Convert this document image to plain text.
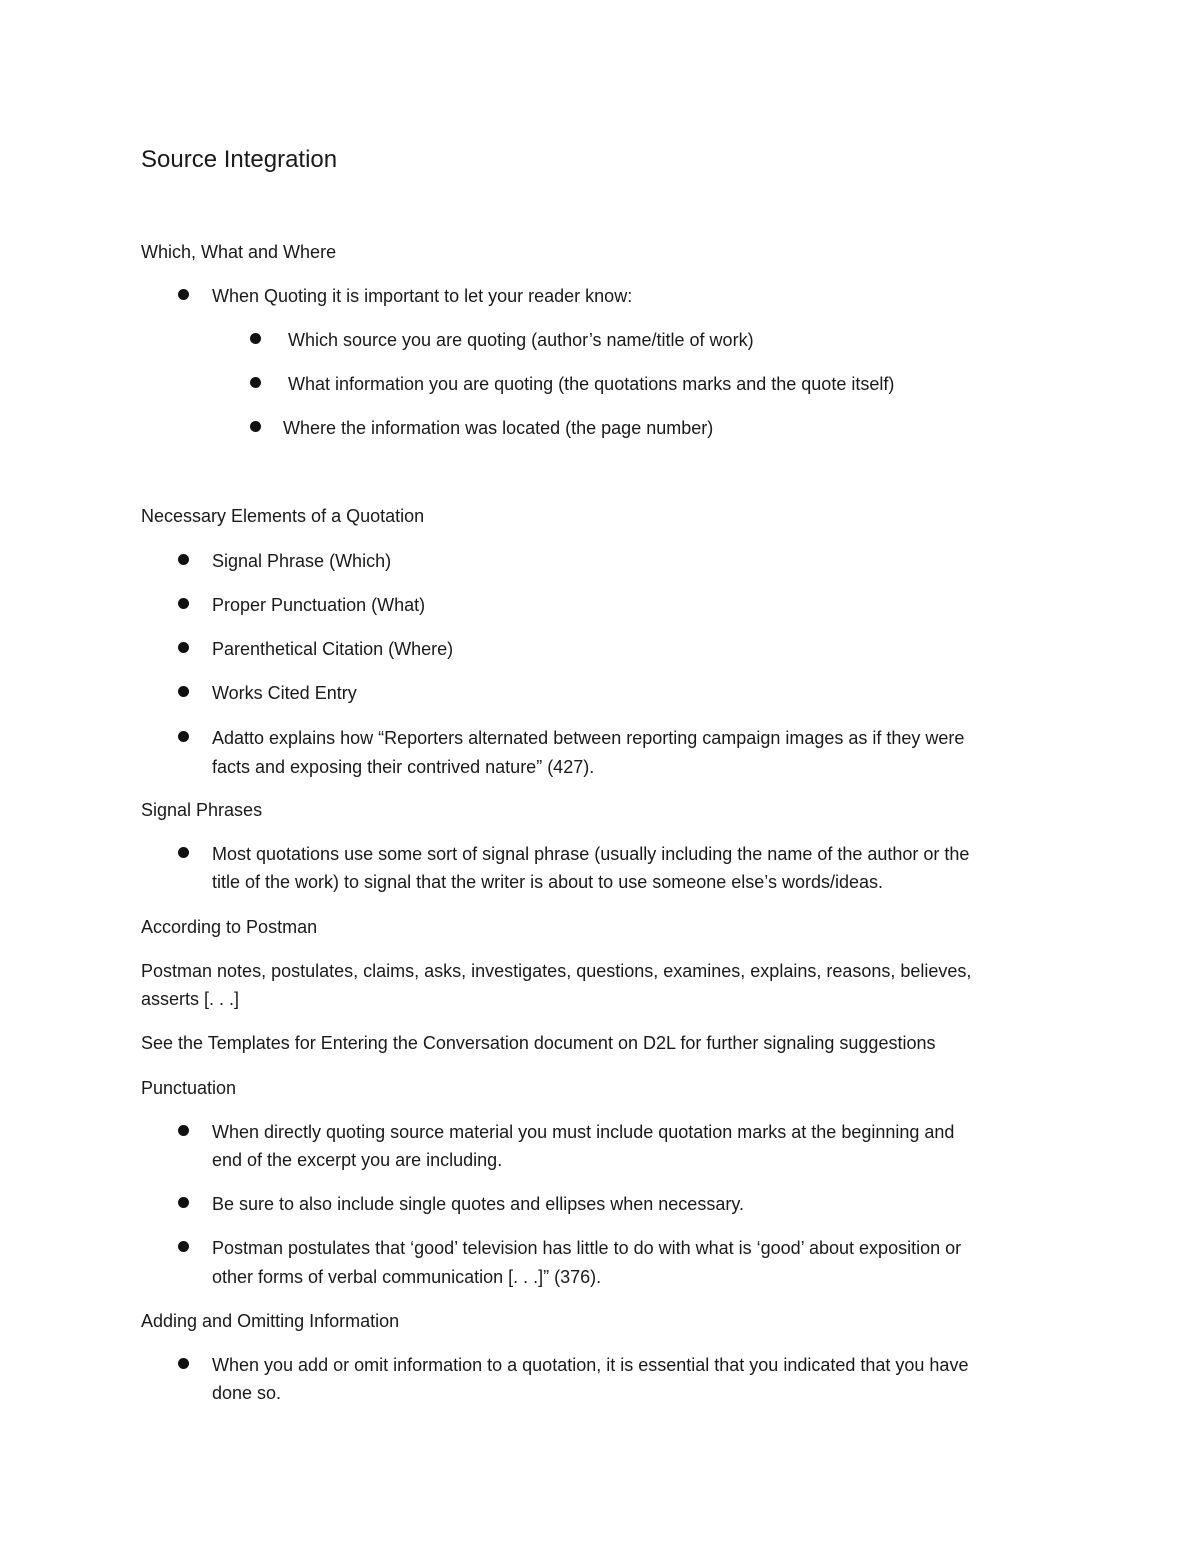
Source Integration
Which, What and Where
When Quoting it is important to let your reader know:
Which source you are quoting (author’s name/title of work)
What information you are quoting (the quotations marks and the quote itself)
Where the information was located (the page number)
Necessary Elements of a Quotation
Signal Phrase (Which)
Proper Punctuation (What)
Parenthetical Citation (Where)
Works Cited Entry
Adatto explains how “Reporters alternated between reporting campaign images as if they were
facts and exposing their contrived nature” (427).
Signal Phrases
Most quotations use some sort of signal phrase (usually including the name of the author or the
title of the work) to signal that the writer is about to use someone else’s words/ideas.
According to Postman
Postman notes, postulates, claims, asks, investigates, questions, examines, explains, reasons, believes,
asserts [. . .]
See the Templates for Entering the Conversation document on D2L for further signaling suggestions
Punctuation
When directly quoting source material you must include quotation marks at the beginning and
end of the excerpt you are including.
Be sure to also include single quotes and ellipses when necessary.
Postman postulates that ‘good’ television has little to do with what is ‘good’ about exposition or
other forms of verbal communication [. . .]” (376).
Adding and Omitting Information
When you add or omit information to a quotation, it is essential that you indicated that you have
done so.
